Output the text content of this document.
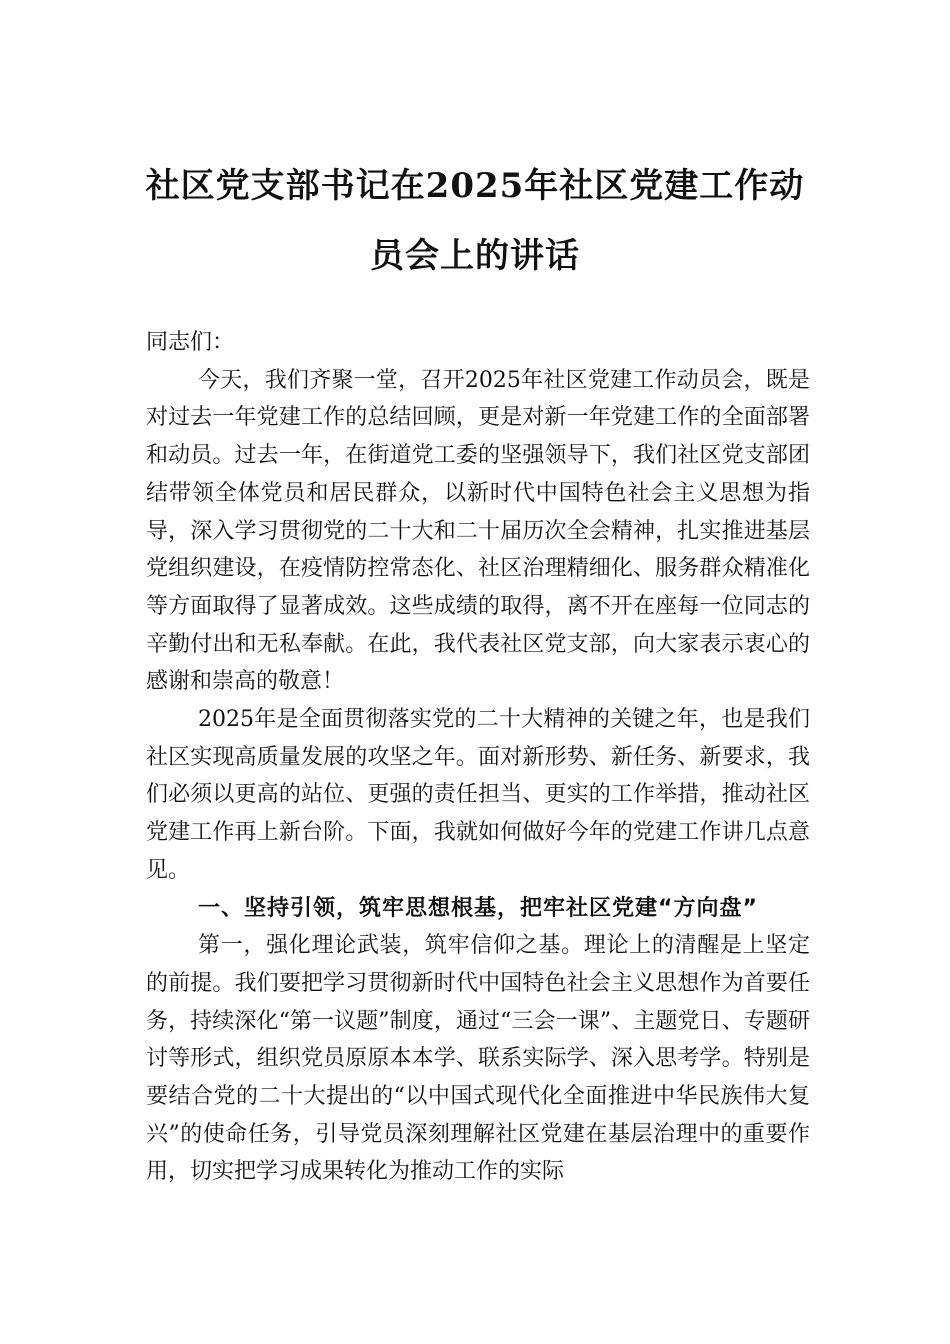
社区党支部书记在2025年社区党建工作动
员会上的讲话

同志们：

今天，我们齐聚一堂，召开2025年社区党建工作动员会，既是对过去一年党建工作的总结回顾，更是对新一年党建工作的全面部署和动员。过去一年，在街道党工委的坚强领导下，我们社区党支部团结带领全体党员和居民群众，以新时代中国特色社会主义思想为指导，深入学习贯彻党的二十大和二十届历次全会精神，扎实推进基层党组织建设，在疫情防控常态化、社区治理精细化、服务群众精准化等方面取得了显著成效。这些成绩的取得，离不开在座每一位同志的辛勤付出和无私奉献。在此，我代表社区党支部，向大家表示衷心的感谢和崇高的敬意！

2025年是全面贯彻落实党的二十大精神的关键之年，也是我们社区实现高质量发展的攻坚之年。面对新形势、新任务、新要求，我们必须以更高的站位、更强的责任担当、更实的工作举措，推动社区党建工作再上新台阶。下面，我就如何做好今年的党建工作讲几点意见。

一、坚持引领，筑牢思想根基，把牢社区党建“方向盘”

第一，强化理论武装，筑牢信仰之基。理论上的清醒是上坚定的前提。我们要把学习贯彻新时代中国特色社会主义思想作为首要任务，持续深化“第一议题”制度，通过“三会一课”、主题党日、专题研讨等形式，组织党员原原本本学、联系实际学、深入思考学。特别是要结合党的二十大提出的“以中国式现代化全面推进中华民族伟大复兴”的使命任务，引导党员深刻理解社区党建在基层治理中的重要作用，切实把学习成果转化为推动工作的实际
